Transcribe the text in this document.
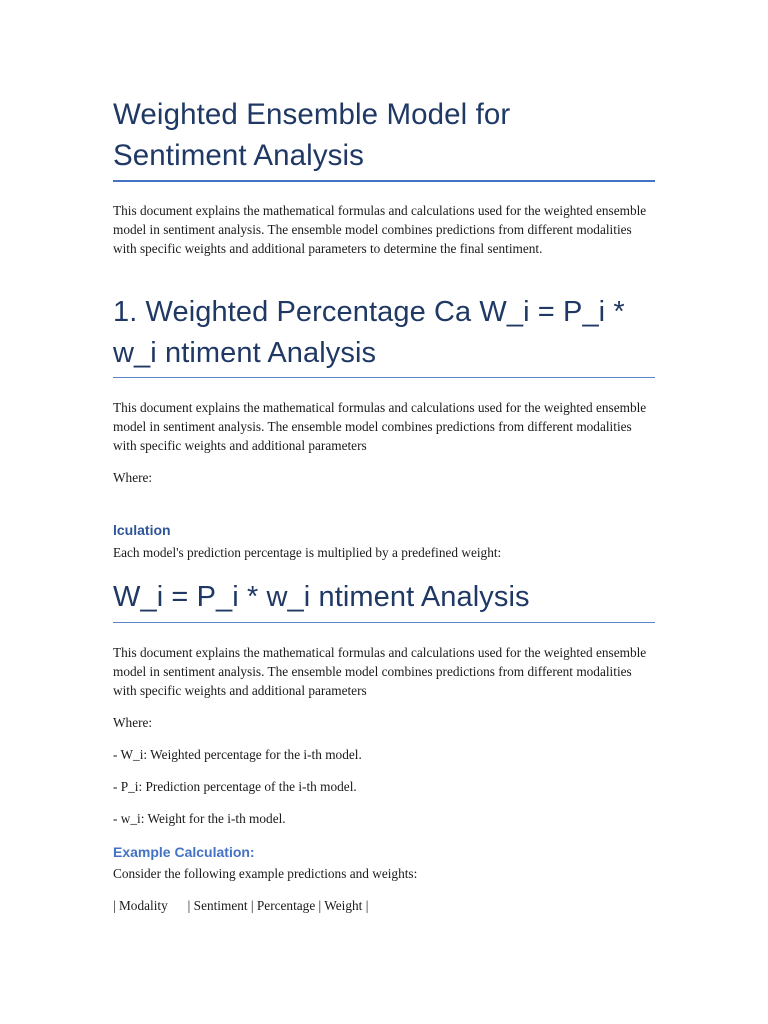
Weighted Ensemble Model for
Sentiment Analysis

This document explains the mathematical formulas and calculations used for the weighted ensemble model in sentiment analysis. The ensemble model combines predictions from different modalities with specific weights and additional parameters to determine the final sentiment.

1. Weighted Percentage Ca W_i = P_i *
w_i ntiment Analysis

This document explains the mathematical formulas and calculations used for the weighted ensemble model in sentiment analysis. The ensemble model combines predictions from different modalities with specific weights and additional parameters

Where:

lculation

Each model's prediction percentage is multiplied by a predefined weight:

W_i = P_i * w_i ntiment Analysis

This document explains the mathematical formulas and calculations used for the weighted ensemble model in sentiment analysis. The ensemble model combines predictions from different modalities with specific weights and additional parameters

Where:

- W_i: Weighted percentage for the i-th model.

- P_i: Prediction percentage of the i-th model.

- w_i: Weight for the i-th model.

Example Calculation:

Consider the following example predictions and weights:

| Modality      | Sentiment | Percentage | Weight |
